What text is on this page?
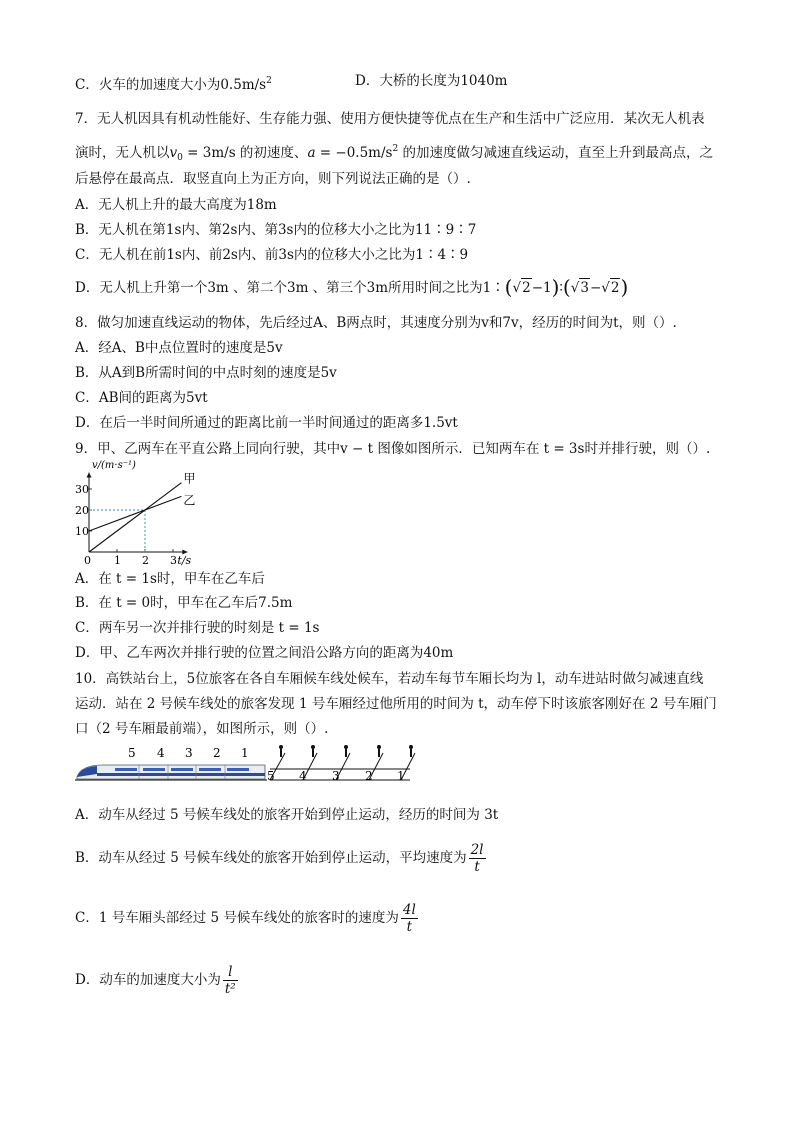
C．火车的加速度大小为$0.5m/s^2$	D．大桥的长度为1040m
7．无人机因具有机动性能好、生存能力强、使用方便快捷等优点在生产和生活中广泛应用．某次无人机表
演时，无人机以$v_0 = 3m/s$ 的初速度、$a = -0.5m/s^2$ 的加速度做匀减速直线运动，直至上升到最高点，之
后悬停在最高点．取竖直向上为正方向，则下列说法正确的是（）.
A．无人机上升的最大高度为18m
B．无人机在第1s内、第2s内、第3s内的位移大小之比为11∶9∶7
C．无人机在前1s内、前2s内、前3s内的位移大小之比为1∶4∶9
D．无人机上升第一个3m 、第二个3m 、第三个3m所用时间之比为1∶(√2−1)∶(√3−√2)
8．做匀加速直线运动的物体，先后经过A、B两点时，其速度分别为v和7v，经历的时间为t，则（）.
A．经A、B中点位置时的速度是5v
B．从A到B所需时间的中点时刻的速度是5v
C．AB间的距离为5vt
D．在后一半时间所通过的距离比前一半时间通过的距离多1.5vt
9．甲、乙两车在平直公路上同向行驶，其中v − t 图像如图所示．已知两车在 t = 3s时并排行驶，则（）.
0 1 2 3
10
20
30
v/(m·s⁻¹)
t/s
甲
乙
A．在 t = 1s时，甲车在乙车后
B．在 t = 0时，甲车在乙车后7.5m
C．两车另一次并排行驶的时刻是 t = 1s
D．甲、乙车两次并排行驶的位置之间沿公路方向的距离为40m
10．高铁站台上，5位旅客在各自车厢候车线处候车，若动车每节车厢长均为 l，动车进站时做匀减速直线
运动．站在 2 号候车线处的旅客发现 1 号车厢经过他所用的时间为 t，动车停下时该旅客刚好在 2 号车厢门
口（2 号车厢最前端），如图所示，则（）.
5 4 3 2 1
5 4 3 2 1
A．动车从经过 5 号候车线处的旅客开始到停止运动，经历的时间为 3t
B．动车从经过 5 号候车线处的旅客开始到停止运动，平均速度为 $\frac{2l}{t}$
C．1 号车厢头部经过 5 号候车线处的旅客时的速度为 $\frac{4l}{t}$
D．动车的加速度大小为 $\frac{l}{\text{t²}}$
